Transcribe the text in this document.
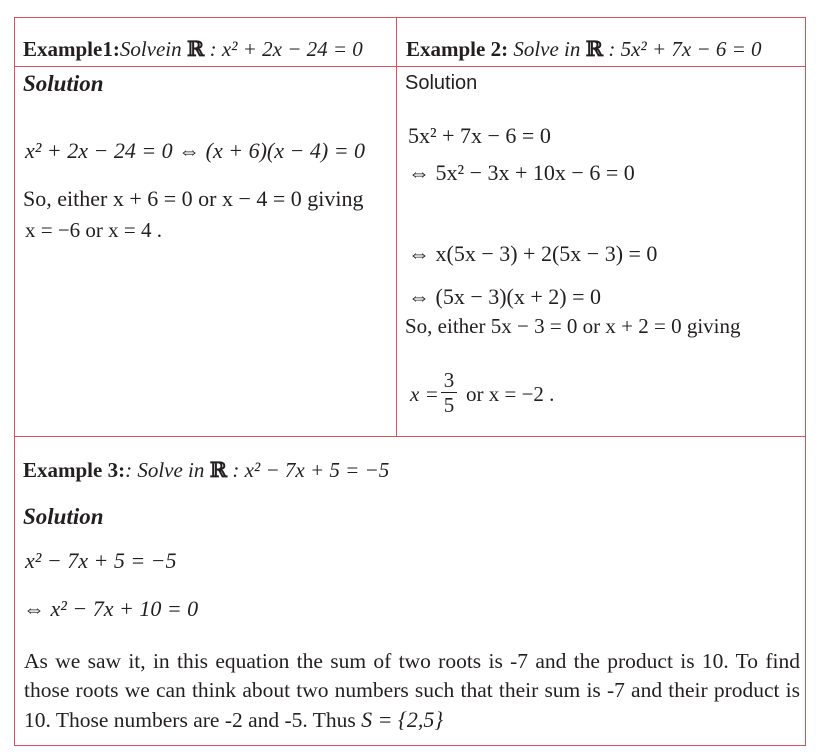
Example1:Solvein ℝ : x² + 2x − 24 = 0
Solution
x² + 2x − 24 = 0 ⇔ (x + 6)(x − 4) = 0
So, either x + 6 = 0 or x − 4 = 0 giving
x = −6 or x = 4 .
Example 2: Solve in ℝ : 5x² + 7x − 6 = 0
Solution
5x² + 7x − 6 = 0
⇔ 5x² − 3x + 10x − 6 = 0
⇔ x(5x − 3) + 2(5x − 3) = 0
⇔ (5x − 3)(x + 2) = 0
So, either 5x − 3 = 0 or x + 2 = 0 giving
x =
3
5 or x = −2 .
Example 3:: Solve in ℝ : x² − 7x + 5 = −5
Solution
x² − 7x + 5 = −5
⇔ x² − 7x + 10 = 0
As we saw it, in this equation the sum of two roots is -7 and the product is 10. To find those roots we can think about two numbers such that their sum is -7 and their product is 10. Those numbers are -2 and -5. Thus S = {2,5}
